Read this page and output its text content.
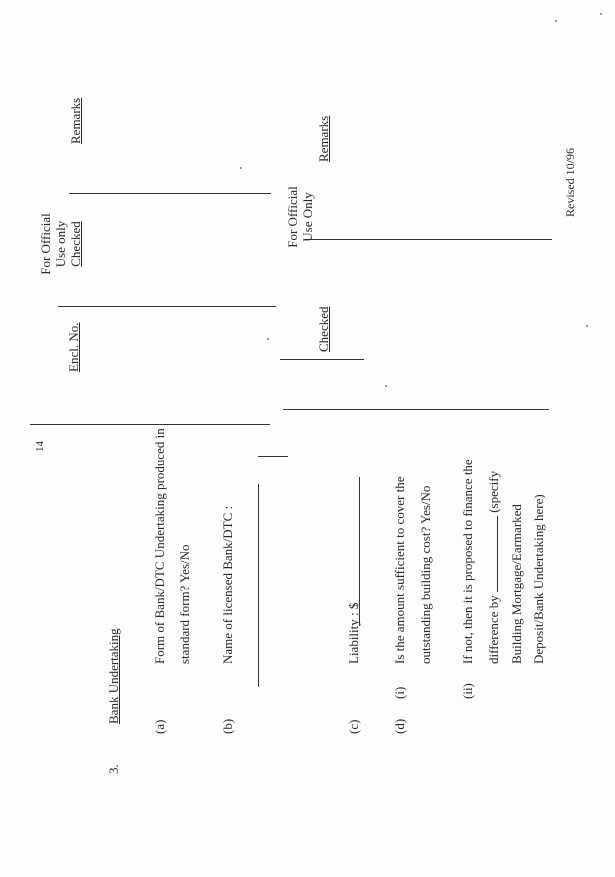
14
3.
Bank Undertaking
(a)
Form of Bank/DTC Undertaking produced in standard form? Yes/No
(b)
Name of licensed Bank/DTC :
(c)
Liability : $
(d)
(i)
Is the amount sufficient to cover the outstanding building cost? Yes/No
(ii)
If not, then it is proposed to finance the difference by  (specify
Building Mortgage/Earmarked Deposit/Bank Undertaking here)
Encl. No.
For Official Use only Checked
Remarks
Checked
For Official Use Only
Remarks
Revised 10/96
